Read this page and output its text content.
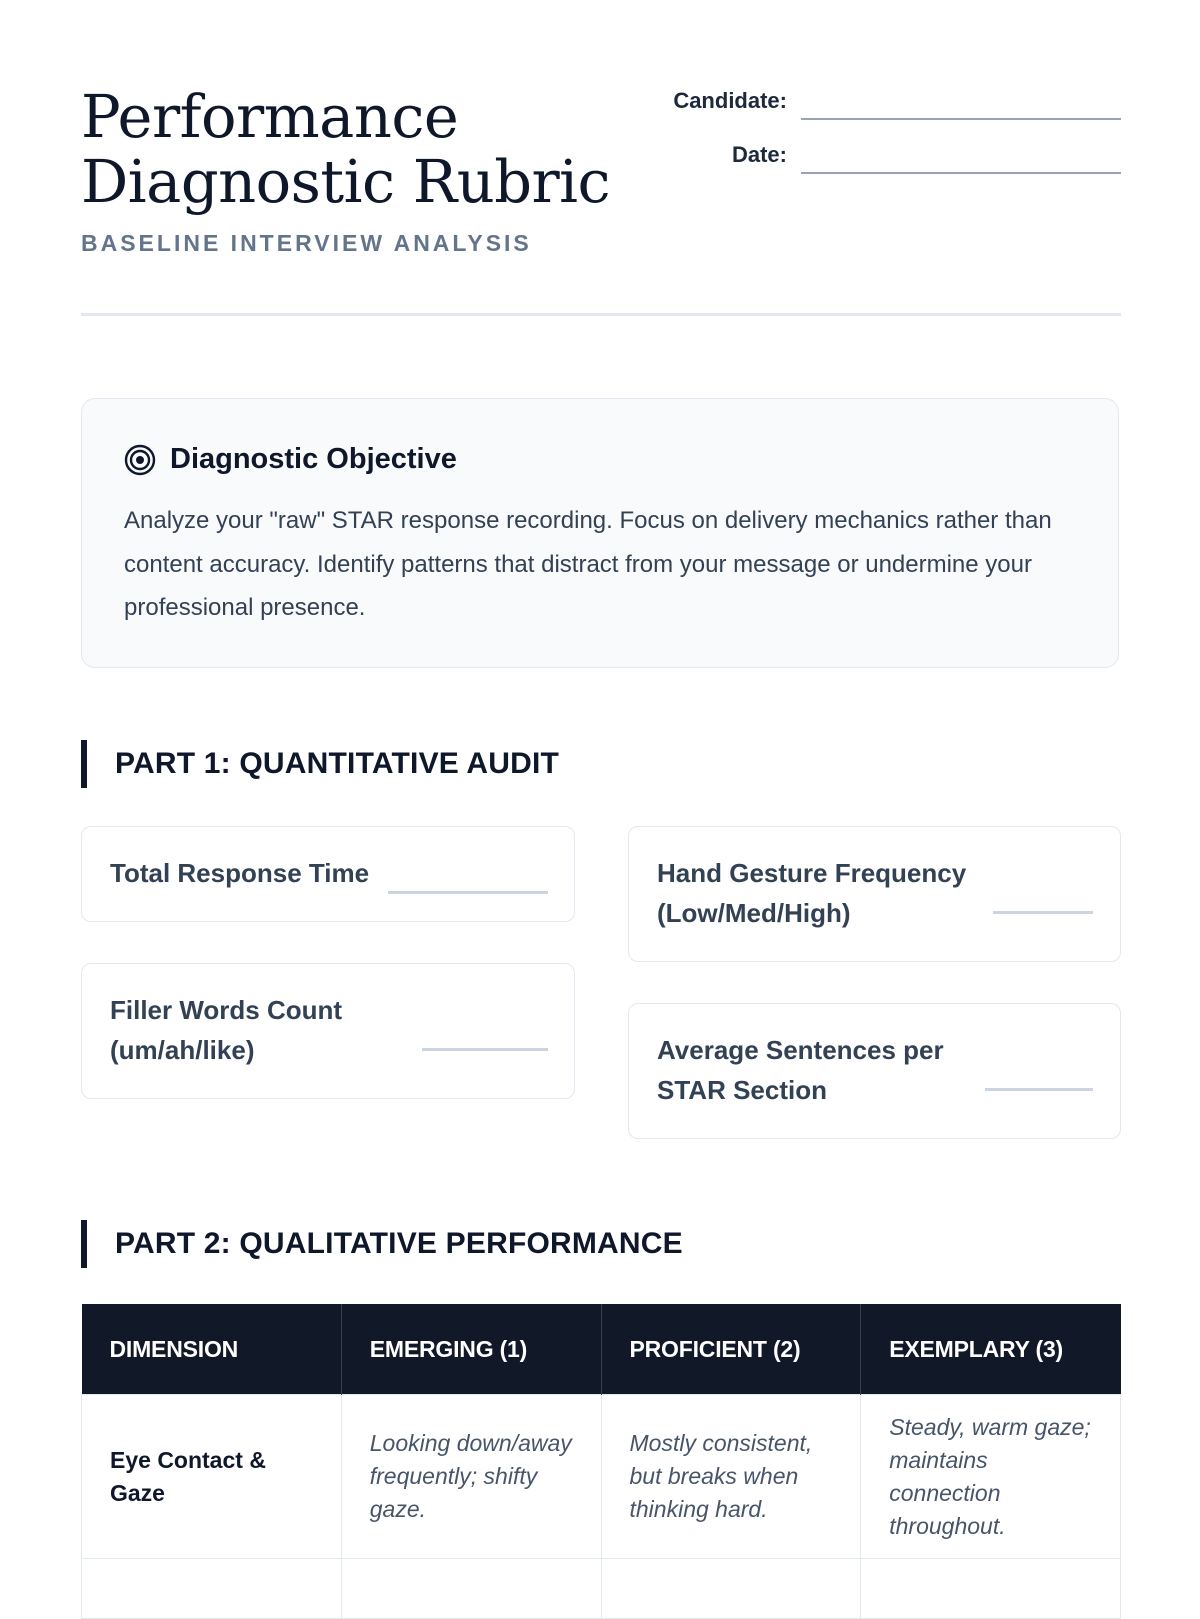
Performance Diagnostic Rubric
BASELINE INTERVIEW ANALYSIS
Candidate:
Date:
Diagnostic Objective

Analyze your "raw" STAR response recording. Focus on delivery mechanics rather than content accuracy. Identify patterns that distract from your message or undermine your professional presence.

PART 1: QUANTITATIVE AUDIT
Total Response Time
Filler Words Count (um/ah/like)
Hand Gesture Frequency (Low/Med/High)
Average Sentences per STAR Section
PART 2: QUALITATIVE PERFORMANCE
DIMENSION	EMERGING (1)	PROFICIENT (2)	EXEMPLARY (3)
Eye Contact & Gaze	Looking down/away frequently; shifty gaze.	Mostly consistent, but breaks when thinking hard.	Steady, warm gaze; maintains connection throughout.
